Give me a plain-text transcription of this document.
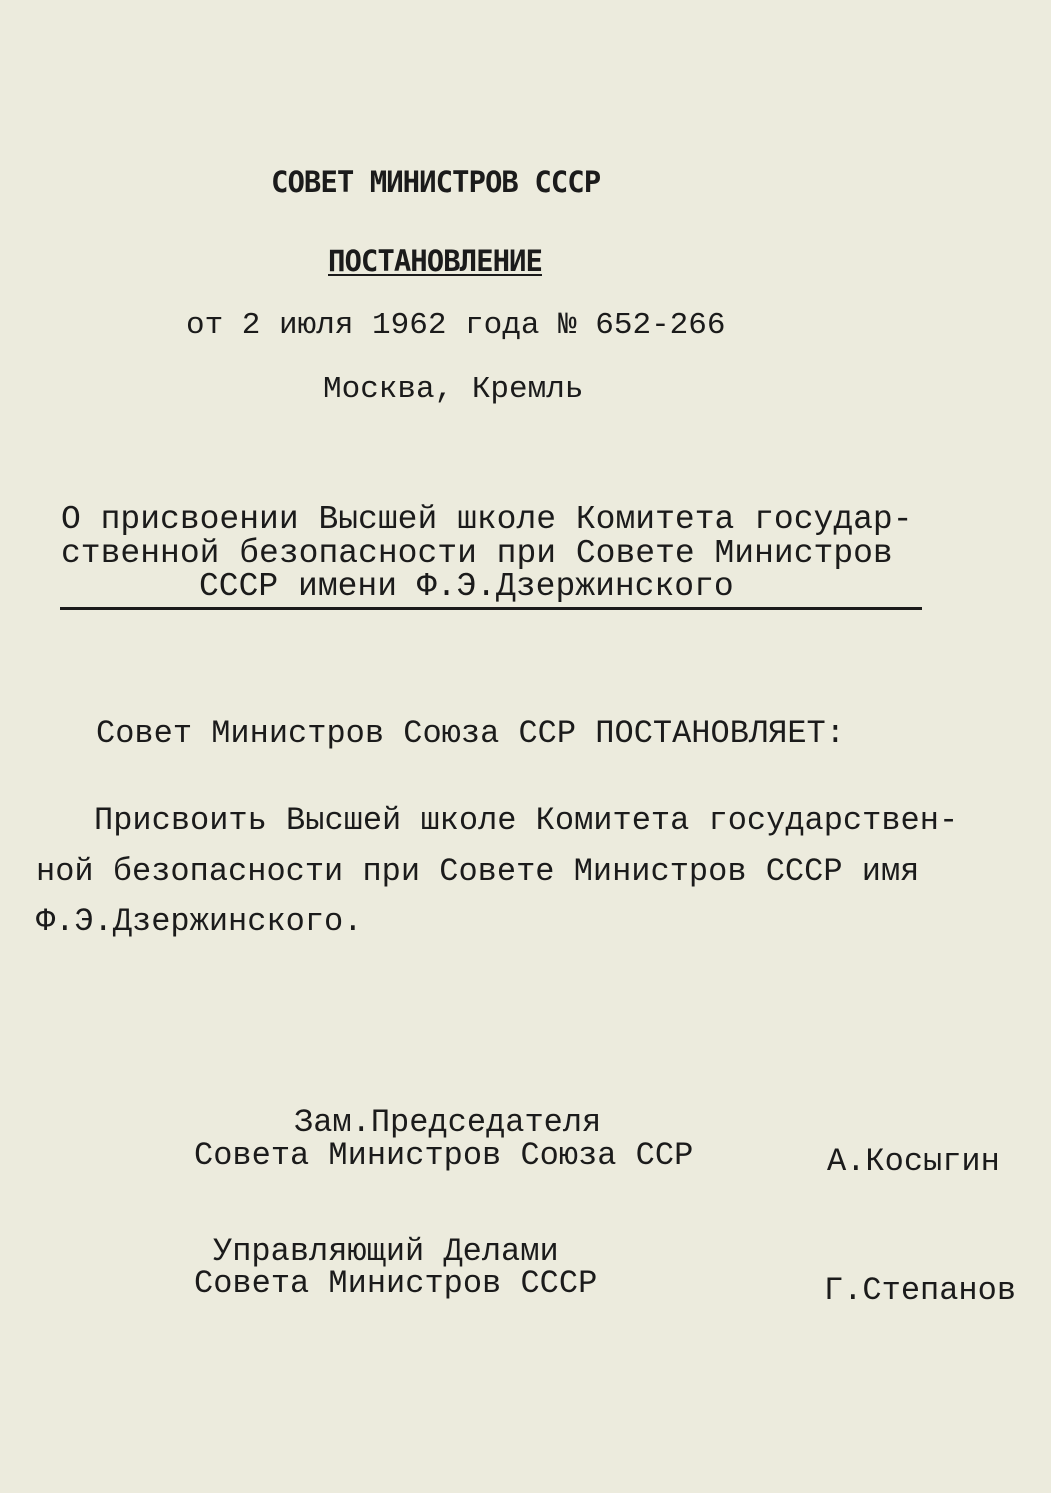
СОВЕТ МИНИСТРОВ СССР
ПОСТАНОВЛЕНИЕ
от 2 июля 1962 года № 652-266
Москва, Кремль
О присвоении Высшей школе Комитета государ-
ственной безопасности при Совете Министров
СССР имени Ф.Э.Дзержинского
Совет Министров Союза ССР ПОСТАНОВЛЯЕТ:
Присвоить Высшей школе Комитета государствен-
ной безопасности при Совете Министров СССР имя
Ф.Э.Дзержинского.
Зам.Председателя
Совета Министров Союза ССР	А.Косыгин
Управляющий Делами
Совета Министров СССР	Г.Степанов
